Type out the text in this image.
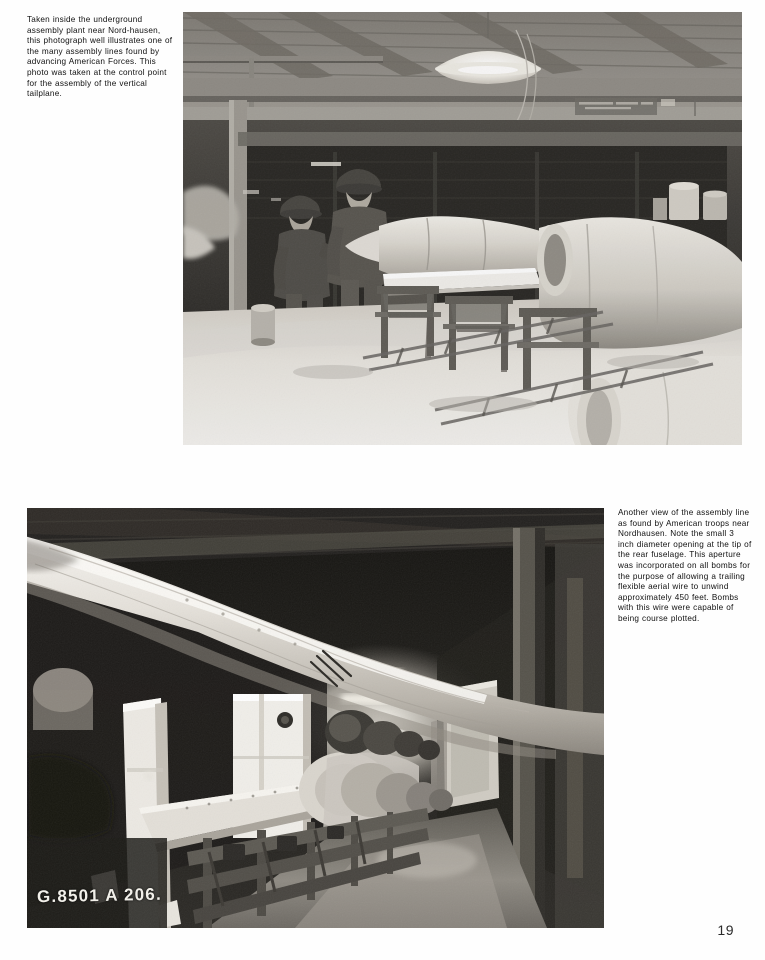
Taken inside the underground assembly plant near Nord-hausen, this photograph well illustrates one of the many assembly lines found by advancing American Forces. This photo was taken at the control point for the assembly of the vertical tailplane.
G.8501 A 206.
Another view of the assembly line as found by American troops near Nordhausen. Note the small 3 inch diameter opening at the tip of the rear fuselage. This aperture was incorporated on all bombs for the purpose of allowing a trailing flexible aerial wire to unwind approximately 450 feet. Bombs with this wire were capable of being course plotted.
19
